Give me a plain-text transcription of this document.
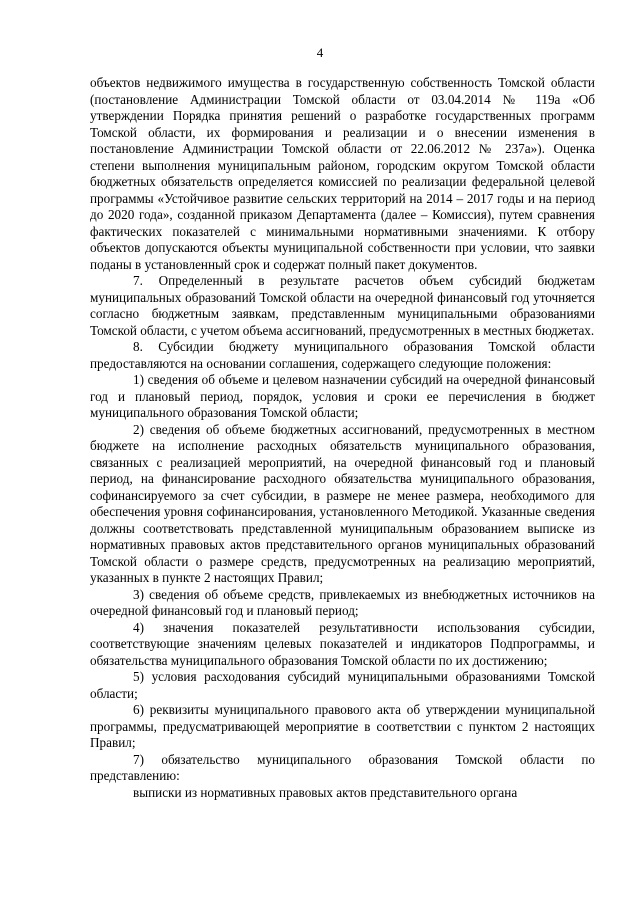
4

объектов недвижимого имущества в государственную собственность Томской области (постановление Администрации Томской области от 03.04.2014 № 119а «Об утверждении Порядка принятия решений о разработке государственных программ Томской области, их формирования и реализации и о внесении изменения в постановление Администрации Томской области от 22.06.2012 № 237а»). Оценка степени выполнения муниципальным районом, городским округом Томской области бюджетных обязательств определяется комиссией по реализации федеральной целевой программы «Устойчивое развитие сельских территорий на 2014 – 2017 годы и на период до 2020 года», созданной приказом Департамента (далее – Комиссия), путем сравнения фактических показателей с минимальными нормативными значениями. К отбору объектов допускаются объекты муниципальной собственности при условии, что заявки поданы в установленный срок и содержат полный пакет документов.

7. Определенный в результате расчетов объем субсидий бюджетам муниципальных образований Томской области на очередной финансовый год уточняется согласно бюджетным заявкам, представленным муниципальными образованиями Томской области, с учетом объема ассигнований, предусмотренных в местных бюджетах.

8. Субсидии бюджету муниципального образования Томской области предоставляются на основании соглашения, содержащего следующие положения:

1) сведения об объеме и целевом назначении субсидий на очередной финансовый год и плановый период, порядок, условия и сроки ее перечисления в бюджет муниципального образования Томской области;

2) сведения об объеме бюджетных ассигнований, предусмотренных в местном бюджете на исполнение расходных обязательств муниципального образования, связанных с реализацией мероприятий, на очередной финансовый год и плановый период, на финансирование расходного обязательства муниципального образования, софинансируемого за счет субсидии, в размере не менее размера, необходимого для обеспечения уровня софинансирования, установленного Методикой. Указанные сведения должны соответствовать представленной муниципальным образованием выписке из нормативных правовых актов представительного органов муниципальных образований Томской области о размере средств, предусмотренных на реализацию мероприятий, указанных в пункте 2 настоящих Правил;

3) сведения об объеме средств, привлекаемых из внебюджетных источников на очередной финансовый год и плановый период;

4) значения показателей результативности использования субсидии, соответствующие значениям целевых показателей и индикаторов Подпрограммы, и обязательства муниципального образования Томской области по их достижению;

5) условия расходования субсидий муниципальными образованиями Томской области;

6) реквизиты муниципального правового акта об утверждении муниципальной программы, предусматривающей мероприятие в соответствии с пунктом 2 настоящих Правил;

7) обязательство муниципального образования Томской области по представлению:

выписки из нормативных правовых актов представительного органа
